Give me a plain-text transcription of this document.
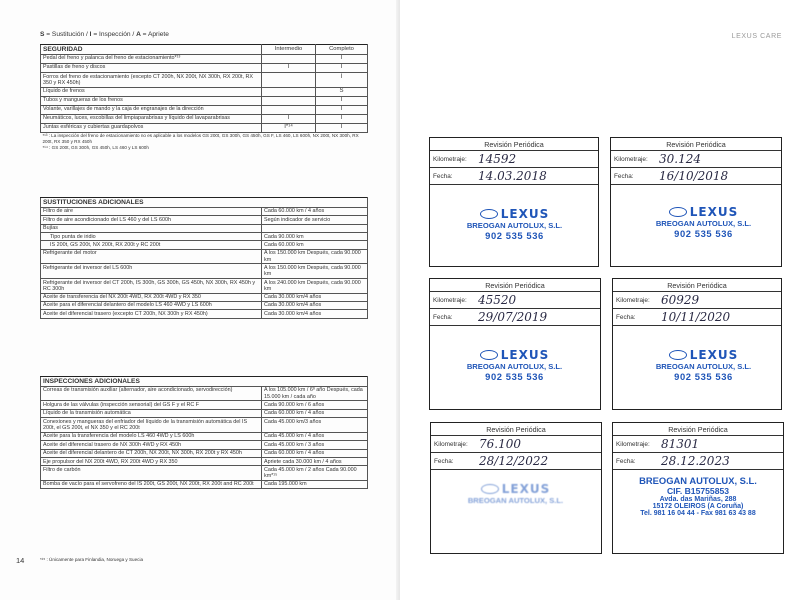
S = Sustitución / I = Inspección / A = Apriete
SEGURIDAD	Intermedio	Completo
Pedal del freno y palanca del freno de estacionamiento*¹³		I
Pastillas de freno y discos	I	I
Forros del freno de estacionamiento (excepto CT 200h, NX 200t, NX 300h, RX 200t, RX 350 y RX 450h)		I
Líquido de frenos		S
Tubos y mangueras de los frenos		I
Volante, varillajes de mando y la caja de engranajes de la dirección		I
Neumáticos, luces, escobillas del limpiaparabrisas y líquido del lavaparabrisas	I	I
Juntas esféricas y cubiertas guardapolvos	I*¹⁴	I
*¹³ : La inspección del freno de estacionamiento no es aplicable a los modelos GS 200t, GS 300h, GS 450h, GS F, LS 460, LS 600h, NX 200t, NX 300h, RX 200t, RX 350 y RX 450h		
*¹⁴ : GS 200t, GS 300h, GS 450h, LS 460 y LS 600h		
SUSTITUCIONES ADICIONALES	
Filtro de aire	Cada 60.000 km / 4 años
Filtro de aire acondicionado del LS 460 y del LS 600h	Según indicador de servicio
Bujías	
Tipo punta de iridio	Cada 90.000 km
IS 200t, GS 200t, NX 200t, RX 200t y RC 200t	Cada 60.000 km
Refrigerante del motor	A los 150.000 km Después, cada 90.000 km
Refrigerante del inversor del LS 600h	A los 150.000 km Después, cada 90.000 km
Refrigerante del inversor del CT 200h, IS 300h, GS 300h, GS 450h, NX 300h, RX 450h y RC 300h	A los 240.000 km Después, cada 90.000 km
Aceite de transferencia del NX 200t 4WD, RX 200t 4WD y RX 350	Cada 30.000 km/4 años
Aceite para el diferencial delantero del modelo LS 460 4WD y LS 600h	Cada 30.000 km/4 años
Aceite del diferencial trasero (excepto CT 200h, NX 300h y RX 450h)	Cada 30.000 km/4 años
INSPECCIONES ADICIONALES	
Correas de transmisión auxiliar (alternador, aire acondicionado, servodirección)	A los 105.000 km / 6º año Después, cada 15.000 km / cada año
Holgura de las válvulas (inspección sensorial) del GS F y el RC F	Cada 90.000 km / 6 años
Líquido de la transmisión automática	Cada 60.000 km / 4 años
Conexiones y mangueras del enfriador del líquido de la transmisión automática del IS 200t, el GS 200t, el NX 350 y el RC 200t	Cada 45.000 km/3 años
Aceite para la transferencia del modelo LS 460 4WD y LS 600h	Cada 45.000 km / 4 años
Aceite del diferencial trasero de NX 300h 4WD y RX 450h	Cada 45.000 km / 3 años
Aceite del diferencial delantero de CT 200h, NX 200t, NX 300h, RX 200t y RX 450h	Cada 60.000 km / 4 años
Eje propulsor del NX 200t 4WD, RX 200t 4WD y RX 350	Apriete cada 30.000 km / 4 años
Filtro de carbón	Cada 45.000 km / 2 años Cada 90.000 km*¹⁵
Bomba de vacío para el servofreno del IS 200t, GS 200t, NX 200t, RX 200t and RC 200t	Cada 195.000 km
*¹⁵ : Únicamente para Finlandia, Noruega y Suecia
14
LEXUS CARE
Revisión Periódica
Kilometraje: 14592
Fecha: 14.03.2018
LEXUS
BREOGAN AUTOLUX, S.L.
902 535 536
Revisión Periódica
Kilometraje: 30.124
Fecha: 16/10/2018
LEXUS
BREOGAN AUTOLUX, S.L.
902 535 536
Revisión Periódica
Kilometraje: 45520
Fecha: 29/07/2019
LEXUS
BREOGAN AUTOLUX, S.L.
902 535 536
Revisión Periódica
Kilometraje: 60929
Fecha: 10/11/2020
LEXUS
BREOGAN AUTOLUX, S.L.
902 535 536
Revisión Periódica
Kilometraje: 76.100
Fecha: 28/12/2022
LEXUS
BREOGAN AUTOLUX, S.L.
Revisión Periódica
Kilometraje: 81301
Fecha: 28.12.2023
BREOGAN AUTOLUX, S.L.
CIF. B15755853
Avda. das Mariñas, 288
15172 OLEIROS (A Coruña)
Tel. 981 16 04 44 - Fax 981 63 43 88
